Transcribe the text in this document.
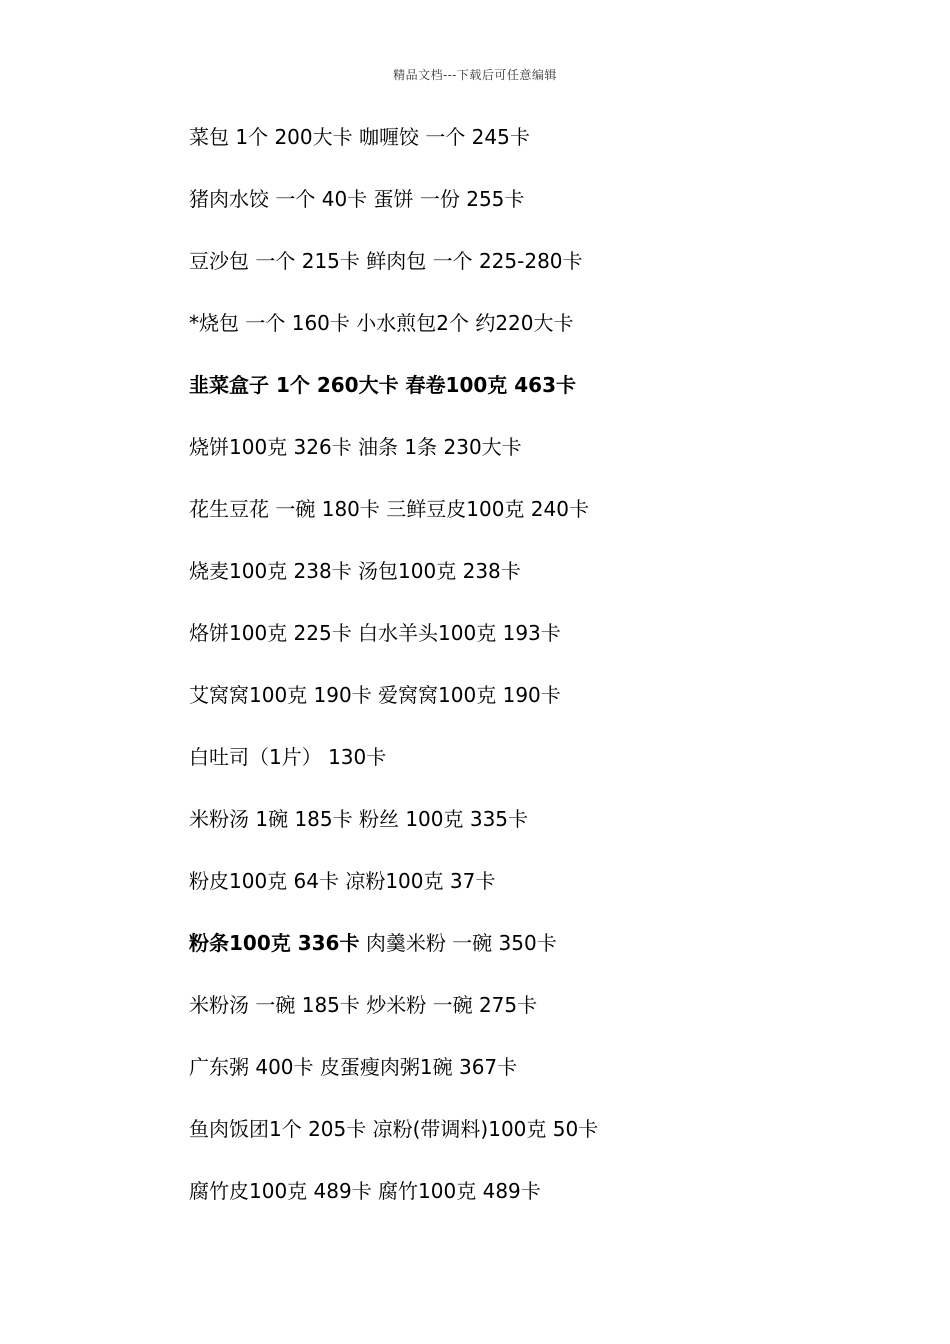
精品文档---下载后可任意编辑
菜包 1个 200大卡 咖喱饺 一个 245卡
猪肉水饺 一个 40卡 蛋饼 一份 255卡
豆沙包 一个 215卡 鲜肉包 一个 225-280卡
*烧包 一个 160卡 小水煎包2个 约220大卡
韭菜盒子 1个 260大卡 春卷100克 463卡
烧饼100克 326卡 油条 1条 230大卡
花生豆花 一碗 180卡 三鲜豆皮100克 240卡
烧麦100克 238卡 汤包100克 238卡
烙饼100克 225卡 白水羊头100克 193卡
艾窝窝100克 190卡 爱窝窝100克 190卡
白吐司（1片） 130卡
米粉汤 1碗 185卡 粉丝 100克 335卡
粉皮100克 64卡 凉粉100克 37卡
粉条100克 336卡 肉羹米粉 一碗 350卡
米粉汤 一碗 185卡 炒米粉 一碗 275卡
广东粥 400卡 皮蛋瘦肉粥1碗 367卡
鱼肉饭团1个 205卡 凉粉(带调料)100克 50卡
腐竹皮100克 489卡 腐竹100克 489卡
